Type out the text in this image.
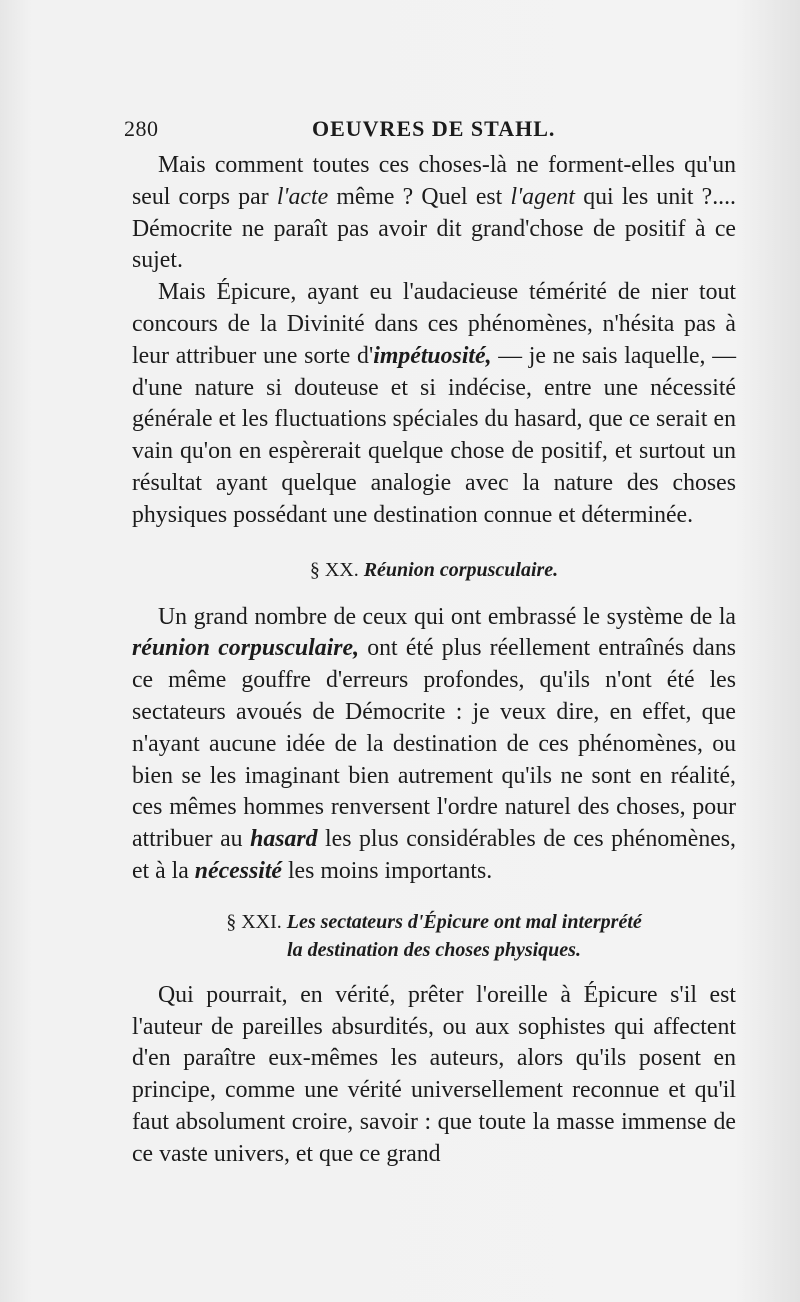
280	OEUVRES DE STAHL.

Mais comment toutes ces choses-là ne forment-elles qu'un seul corps par l'acte même ? Quel est l'agent qui les unit ?.... Démocrite ne paraît pas avoir dit grand'chose de positif à ce sujet.

Mais Épicure, ayant eu l'audacieuse témérité de nier tout concours de la Divinité dans ces phénomènes, n'hésita pas à leur attribuer une sorte d'impétuosité, — je ne sais laquelle, — d'une nature si douteuse et si indécise, entre une nécessité générale et les fluctuations spéciales du hasard, que ce serait en vain qu'on en espèrerait quelque chose de positif, et surtout un résultat ayant quelque analogie avec la nature des choses physiques possédant une destination connue et déterminée.

§ XX. Réunion corpusculaire.

Un grand nombre de ceux qui ont embrassé le système de la réunion corpusculaire, ont été plus réellement entraînés dans ce même gouffre d'erreurs profondes, qu'ils n'ont été les sectateurs avoués de Démocrite : je veux dire, en effet, que n'ayant aucune idée de la destination de ces phénomènes, ou bien se les imaginant bien autrement qu'ils ne sont en réalité, ces mêmes hommes renversent l'ordre naturel des choses, pour attribuer au hasard les plus considérables de ces phénomènes, et à la nécessité les moins importants.

§ XXI. Les sectateurs d'Épicure ont mal interprété
la destination des choses physiques.

Qui pourrait, en vérité, prêter l'oreille à Épicure s'il est l'auteur de pareilles absurdités, ou aux sophistes qui affectent d'en paraître eux-mêmes les auteurs, alors qu'ils posent en principe, comme une vérité universellement reconnue et qu'il faut absolument croire, savoir : que toute la masse immense de ce vaste univers, et que ce grand
